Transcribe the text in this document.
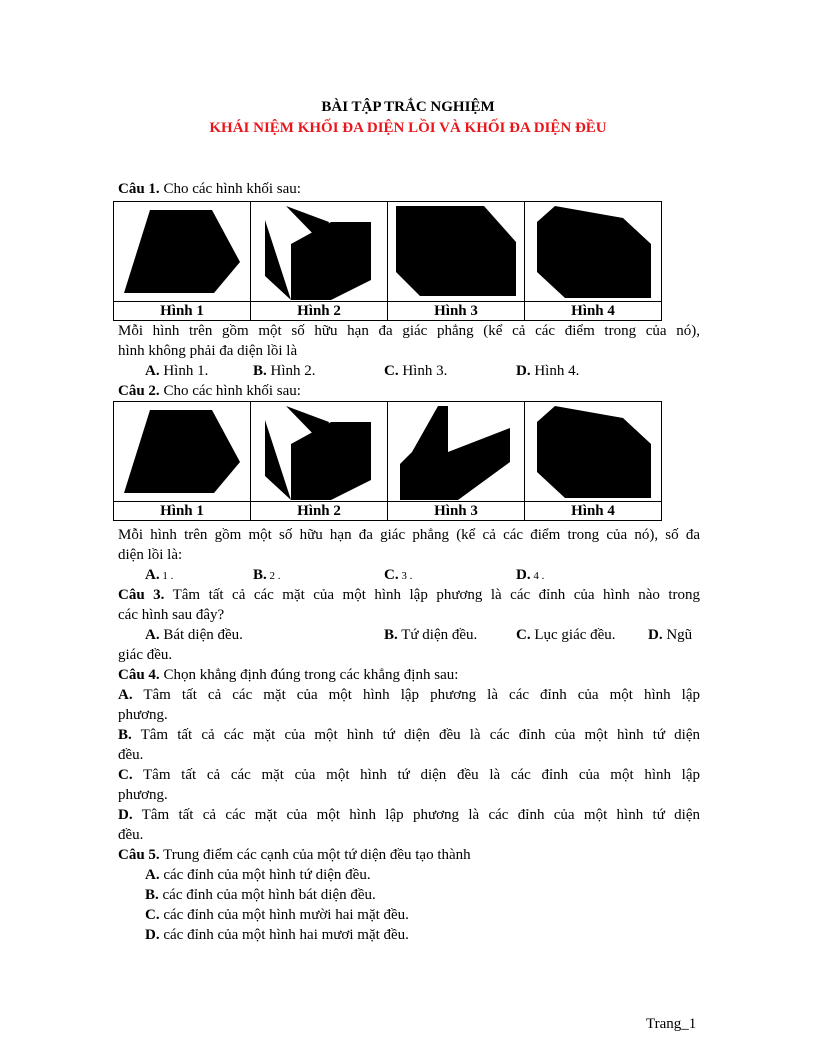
BÀI TẬP TRẮC NGHIỆM
KHÁI NIỆM KHỐI ĐA DIỆN LỒI VÀ KHỐI ĐA DIỆN ĐỀU
Câu 1. Cho các hình khối sau:

Hình 1	Hình 2	Hình 3	Hình 4
Mỗi hình trên gồm một số hữu hạn đa giác phẳng (kể cả các điểm trong của nó),
hình không phải đa diện lồi là
A. Hình 1.	B. Hình 2.	C. Hình 3.	D. Hình 4.
Câu 2. Cho các hình khối sau:

Hình 1	Hình 2	Hình 3	Hình 4
Mỗi hình trên gồm một số hữu hạn đa giác phẳng (kể cả các điểm trong của nó), số đa
diện lồi là:
A. 1 .	B. 2 .	C. 3 .	D. 4 .
Câu 3. Tâm tất cả các mặt của một hình lập phương là các đỉnh của hình nào trong
các hình sau đây?
A. Bát diện đều.	B. Tứ diện đều.	C. Lục giác đều. D. Ngũ
giác đều.
Câu 4. Chọn khẳng định đúng trong các khẳng định sau:
A. Tâm tất cả các mặt của một hình lập phương là các đỉnh của một hình lập
phương.
B. Tâm tất cả các mặt của một hình tứ diện đều là các đỉnh của một hình tứ diện
đều.
C. Tâm tất cả các mặt của một hình tứ diện đều là các đỉnh của một hình lập
phương.
D. Tâm tất cả các mặt của một hình lập phương là các đỉnh của một hình tứ diện
đều.
Câu 5. Trung điểm các cạnh của một tứ diện đều tạo thành
A. các đỉnh của một hình tứ diện đều.
B. các đỉnh của một hình bát diện đều.
C. các đỉnh của một hình mười hai mặt đều.
D. các đỉnh của một hình hai mươi mặt đều.
Trang_1
